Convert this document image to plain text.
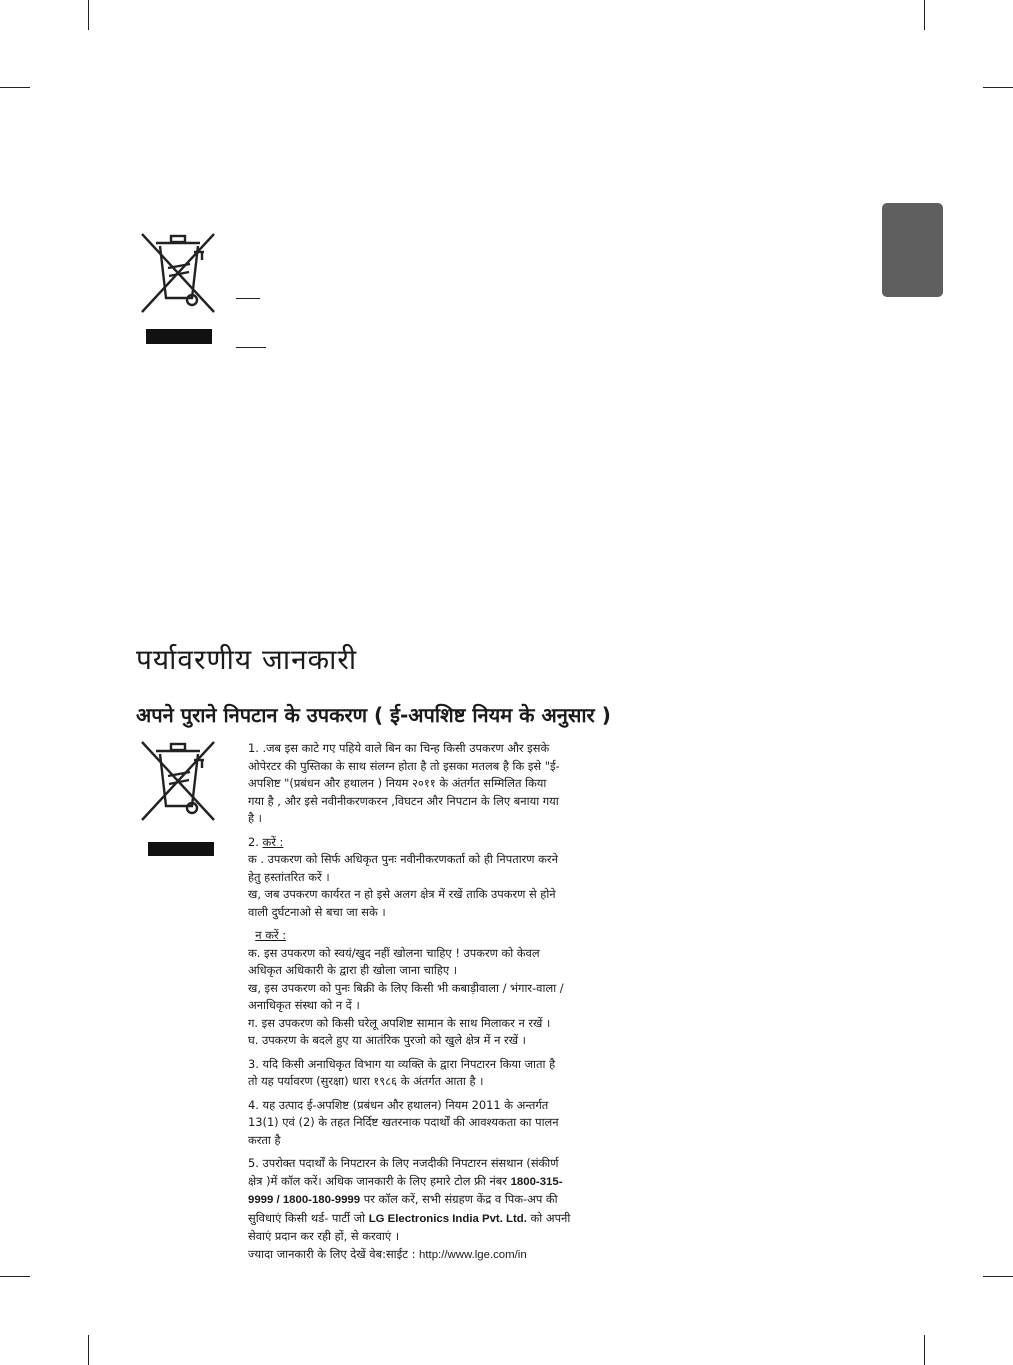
पर्यावरणीय जानकारी
अपने पुराने निपटान के उपकरण ( ई-अपशिष्ट नियम के अनुसार )

1. .जब इस काटे गए पहिये वाले बिन का चिन्ह किसी उपकरण और इसके

ओपेरटर की पुस्तिका के साथ संलग्न होता है तो इसका मतलब है कि इसे "ई-

अपशिष्ट "(प्रबंधन और हथालन ) नियम २०११ के अंतर्गत सम्मिलित किया

गया है , और इसे नवीनीकरणकरन ,विघटन और निपटान के लिए बनाया गया

है ।

2. करें :

क . उपकरण को सिर्फ अधिकृत पुनः नवीनीकरणकर्ता को ही निपतारण करने

हेतु हस्तांतरित करें ।

ख, जब उपकरण कार्यरत न हो इसे अलग क्षेत्र में रखें ताकि उपकरण से होने

वाली दुर्घटनाओ से बचा जा सके ।

न करें :

क. इस उपकरण को स्वयं/खुद नहीं खोलना चाहिए ! उपकरण को केवल

अधिकृत अधिकारी के द्वारा ही खोला जाना चाहिए ।

ख, इस उपकरण को पुनः बिक्री के लिए किसी भी कबाड़ीवाला / भंगार-वाला /

अनाधिकृत संस्था को न दें ।

ग. इस उपकरण को किसी घरेलू अपशिष्ट सामान के साथ मिलाकर न रखें ।

घ. उपकरण के बदले हुए या आतंरिक पुरजो को खुले क्षेत्र में न रखें ।

3. यदि किसी अनाधिकृत विभाग या व्यक्ति के द्वारा निपटारन किया जाता है

तो यह पर्यावरण (सुरक्षा) धारा १९८६ के अंतर्गत आता है ।

4. यह उत्पाद ई-अपशिष्ट (प्रबंधन और हथालन) नियम 2011 के अन्तर्गत

13(1) एवं (2) के तहत निर्दिष्ट खतरनाक पदार्थों की आवश्यकता का पालन

करता है

5. उपरोक्त पदार्थों के निपटारन के लिए नजदीकी निपटारन संसथान (संकीर्ण

क्षेत्र )में कॉल करें। अधिक जानकारी के लिए हमारे टोल फ्री नंबर 1800-315-

9999 / 1800-180-9999 पर कॉल करें, सभी संग्रहण केंद्र व पिक-अप की

सुविधाएं किसी थर्ड- पार्टी जो LG Electronics India Pvt. Ltd. को अपनी

सेवाएं प्रदान कर रही हों, से करवाएं ।

ज्यादा जानकारी के लिए देखें वेब:साईट : http://www.lge.com/in
